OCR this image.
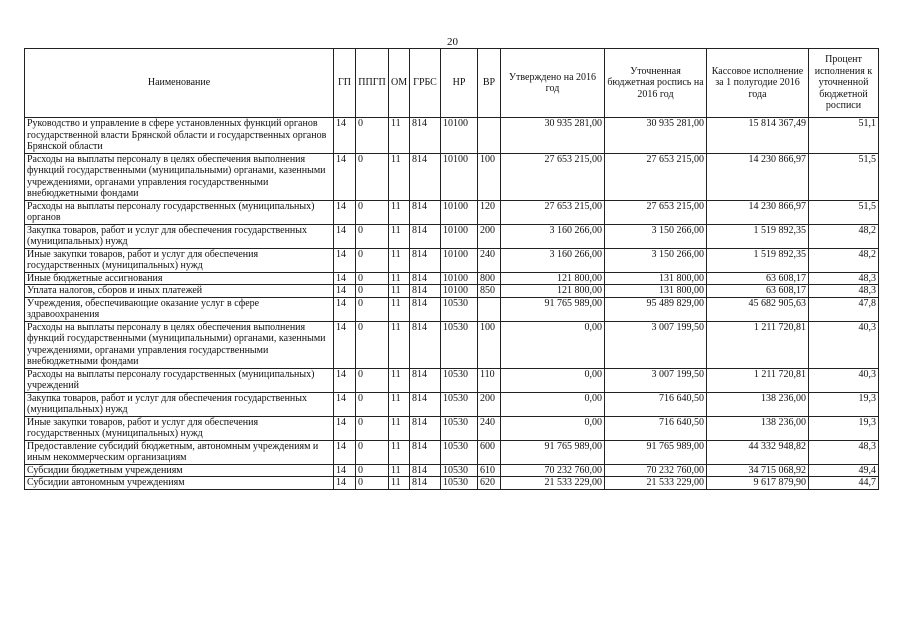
20
Наименование	ГП	ППГП	ОМ	ГРБС	НР	ВР	Утверждено на 2016 год	Уточненная бюджетная роспись на 2016 год	Кассовое исполнение за 1 полугодие 2016 года	Процент исполнения к уточненной бюджетной росписи
Руководство и управление в сфере установленных функций органов государственной власти Брянской области и государственных органов Брянской области	14	0	11	814	10100		30 935 281,00	30 935 281,00	15 814 367,49	51,1
Расходы на выплаты персоналу в целях обеспечения выполнения функций государственными (муниципальными) органами, казенными учреждениями, органами управления государственными внебюджетными фондами	14	0	11	814	10100	100	27 653 215,00	27 653 215,00	14 230 866,97	51,5
Расходы на выплаты персоналу государственных (муниципальных) органов	14	0	11	814	10100	120	27 653 215,00	27 653 215,00	14 230 866,97	51,5
Закупка товаров, работ и услуг для обеспечения государственных (муниципальных) нужд	14	0	11	814	10100	200	3 160 266,00	3 150 266,00	1 519 892,35	48,2
Иные закупки товаров, работ и услуг для обеспечения государственных (муниципальных) нужд	14	0	11	814	10100	240	3 160 266,00	3 150 266,00	1 519 892,35	48,2
Иные бюджетные ассигнования	14	0	11	814	10100	800	121 800,00	131 800,00	63 608,17	48,3
Уплата налогов, сборов и иных платежей	14	0	11	814	10100	850	121 800,00	131 800,00	63 608,17	48,3
Учреждения, обеспечивающие оказание услуг в сфере здравоохранения	14	0	11	814	10530		91 765 989,00	95 489 829,00	45 682 905,63	47,8
Расходы на выплаты персоналу в целях обеспечения выполнения функций государственными (муниципальными) органами, казенными учреждениями, органами управления государственными внебюджетными фондами	14	0	11	814	10530	100	0,00	3 007 199,50	1 211 720,81	40,3
Расходы на выплаты персоналу государственных (муниципальных) учреждений	14	0	11	814	10530	110	0,00	3 007 199,50	1 211 720,81	40,3
Закупка товаров, работ и услуг для обеспечения государственных (муниципальных) нужд	14	0	11	814	10530	200	0,00	716 640,50	138 236,00	19,3
Иные закупки товаров, работ и услуг для обеспечения государственных (муниципальных) нужд	14	0	11	814	10530	240	0,00	716 640,50	138 236,00	19,3
Предоставление субсидий бюджетным, автономным учреждениям и иным некоммерческим организациям	14	0	11	814	10530	600	91 765 989,00	91 765 989,00	44 332 948,82	48,3
Субсидии бюджетным учреждениям	14	0	11	814	10530	610	70 232 760,00	70 232 760,00	34 715 068,92	49,4
Субсидии автономным учреждениям	14	0	11	814	10530	620	21 533 229,00	21 533 229,00	9 617 879,90	44,7
